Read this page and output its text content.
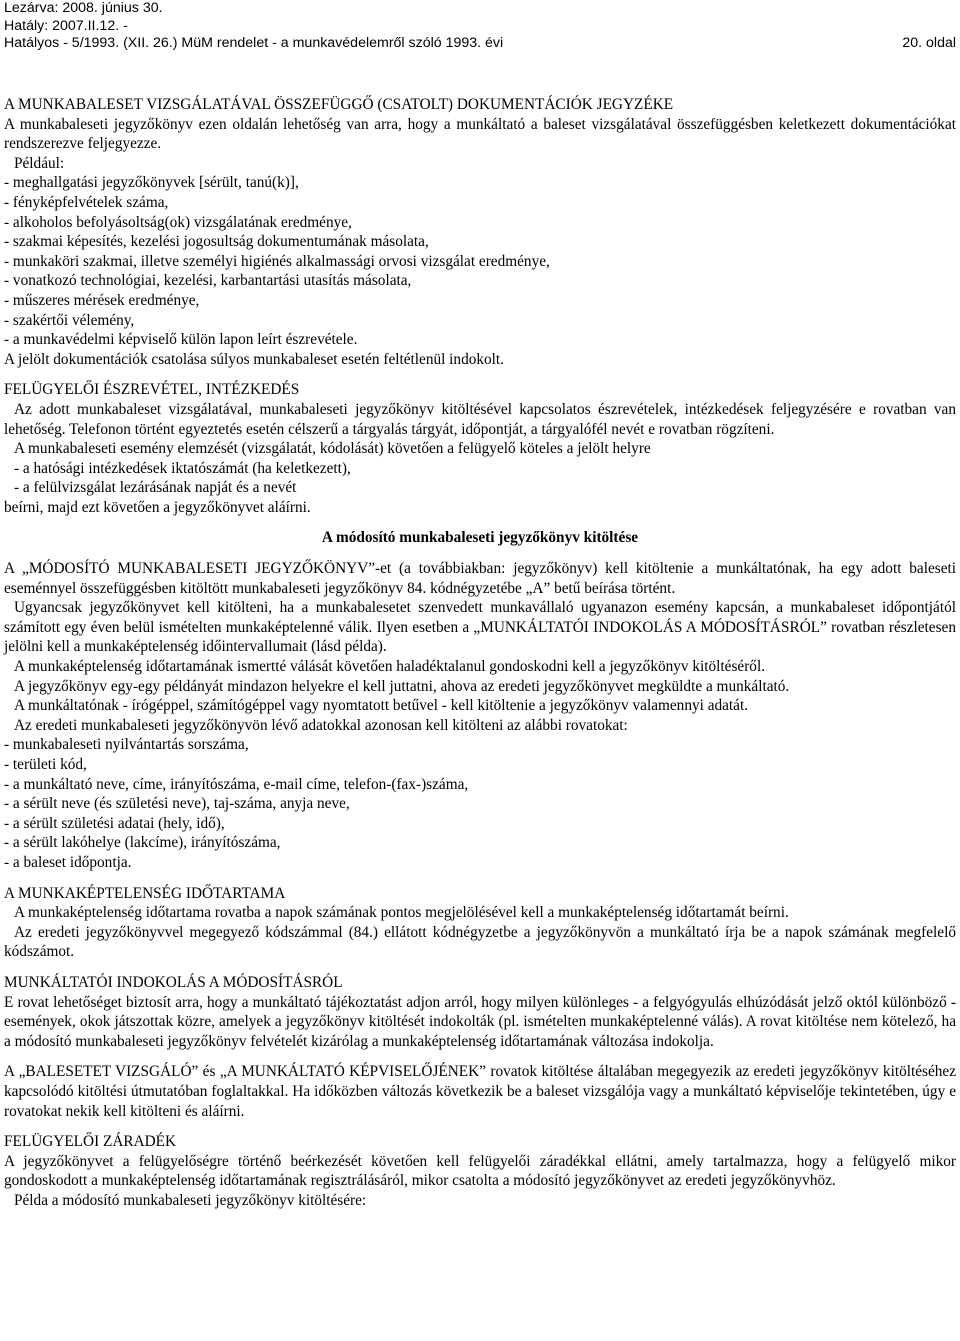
Lezárva: 2008. június 30.
Hatály: 2007.II.12. -
Hatályos - 5/1993. (XII. 26.) MüM rendelet - a munkavédelemről szóló 1993. évi	20. oldal

A MUNKABALESET VIZSGÁLATÁVAL ÖSSZEFÜGGŐ (CSATOLT) DOKUMENTÁCIÓK JEGYZÉKE

A munkabaleseti jegyzőkönyv ezen oldalán lehetőség van arra, hogy a munkáltató a baleset vizsgálatával összefüggésben keletkezett dokumentációkat rendszerezve feljegyezze.

Például:

- meghallgatási jegyzőkönyvek [sérült, tanú(k)],

- fényképfelvételek száma,

- alkoholos befolyásoltság(ok) vizsgálatának eredménye,

- szakmai képesítés, kezelési jogosultság dokumentumának másolata,

- munkaköri szakmai, illetve személyi higiénés alkalmassági orvosi vizsgálat eredménye,

- vonatkozó technológiai, kezelési, karbantartási utasítás másolata,

- műszeres mérések eredménye,

- szakértői vélemény,

- a munkavédelmi képviselő külön lapon leírt észrevétele.

A jelölt dokumentációk csatolása súlyos munkabaleset esetén feltétlenül indokolt.

FELÜGYELŐI ÉSZREVÉTEL, INTÉZKEDÉS

Az adott munkabaleset vizsgálatával, munkabaleseti jegyzőkönyv kitöltésével kapcsolatos észrevételek, intézkedések feljegyzésére e rovatban van lehetőség. Telefonon történt egyeztetés esetén célszerű a tárgyalás tárgyát, időpontját, a tárgyalófél nevét e rovatban rögzíteni.

A munkabaleseti esemény elemzését (vizsgálatát, kódolását) követően a felügyelő köteles a jelölt helyre

- a hatósági intézkedések iktatószámát (ha keletkezett),

- a felülvizsgálat lezárásának napját és a nevét

beírni, majd ezt követően a jegyzőkönyvet aláírni.

A módosító munkabaleseti jegyzőkönyv kitöltése

A „MÓDOSÍTÓ MUNKABALESETI JEGYZŐKÖNYV”-et (a továbbiakban: jegyzőkönyv) kell kitöltenie a munkáltatónak, ha egy adott baleseti eseménnyel összefüggésben kitöltött munkabaleseti jegyzőkönyv 84. kódnégyzetébe „A” betű beírása történt.

Ugyancsak jegyzőkönyvet kell kitölteni, ha a munkabalesetet szenvedett munkavállaló ugyanazon esemény kapcsán, a munkabaleset időpontjától számított egy éven belül ismételten munkaképtelenné válik. Ilyen esetben a „MUNKÁLTATÓI INDOKOLÁS A MÓDOSÍTÁSRÓL” rovatban részletesen jelölni kell a munkaképtelenség időintervallumait (lásd példa).

A munkaképtelenség időtartamának ismertté válását követően haladéktalanul gondoskodni kell a jegyzőkönyv kitöltéséről.

A jegyzőkönyv egy-egy példányát mindazon helyekre el kell juttatni, ahova az eredeti jegyzőkönyvet megküldte a munkáltató.

A munkáltatónak - írógéppel, számítógéppel vagy nyomtatott betűvel - kell kitöltenie a jegyzőkönyv valamennyi adatát.

Az eredeti munkabaleseti jegyzőkönyvön lévő adatokkal azonosan kell kitölteni az alábbi rovatokat:

- munkabaleseti nyilvántartás sorszáma,

- területi kód,

- a munkáltató neve, címe, irányítószáma, e-mail címe, telefon-(fax-)száma,

- a sérült neve (és születési neve), taj-száma, anyja neve,

- a sérült születési adatai (hely, idő),

- a sérült lakóhelye (lakcíme), irányítószáma,

- a baleset időpontja.

A MUNKAKÉPTELENSÉG IDŐTARTAMA

A munkaképtelenség időtartama rovatba a napok számának pontos megjelölésével kell a munkaképtelenség időtartamát beírni.

Az eredeti jegyzőkönyvvel megegyező kódszámmal (84.) ellátott kódnégyzetbe a jegyzőkönyvön a munkáltató írja be a napok számának megfelelő kódszámot.

MUNKÁLTATÓI INDOKOLÁS A MÓDOSÍTÁSRÓL

E rovat lehetőséget biztosít arra, hogy a munkáltató tájékoztatást adjon arról, hogy milyen különleges - a felgyógyulás elhúzódását jelző októl különböző - események, okok játszottak közre, amelyek a jegyzőkönyv kitöltését indokolták (pl. ismételten munkaképtelenné válás). A rovat kitöltése nem kötelező, ha a módosító munkabaleseti jegyzőkönyv felvételét kizárólag a munkaképtelenség időtartamának változása indokolja.

A „BALESETET VIZSGÁLÓ” és „A MUNKÁLTATÓ KÉPVISELŐJÉNEK” rovatok kitöltése általában megegyezik az eredeti jegyzőkönyv kitöltéséhez kapcsolódó kitöltési útmutatóban foglaltakkal. Ha időközben változás következik be a baleset vizsgálója vagy a munkáltató képviselője tekintetében, úgy e rovatokat nekik kell kitölteni és aláírni.

FELÜGYELŐI ZÁRADÉK

A jegyzőkönyvet a felügyelőségre történő beérkezését követően kell felügyelői záradékkal ellátni, amely tartalmazza, hogy a felügyelő mikor gondoskodott a munkaképtelenség időtartamának regisztrálásáról, mikor csatolta a módosító jegyzőkönyvet az eredeti jegyzőkönyvhöz.

Példa a módosító munkabaleseti jegyzőkönyv kitöltésére:
